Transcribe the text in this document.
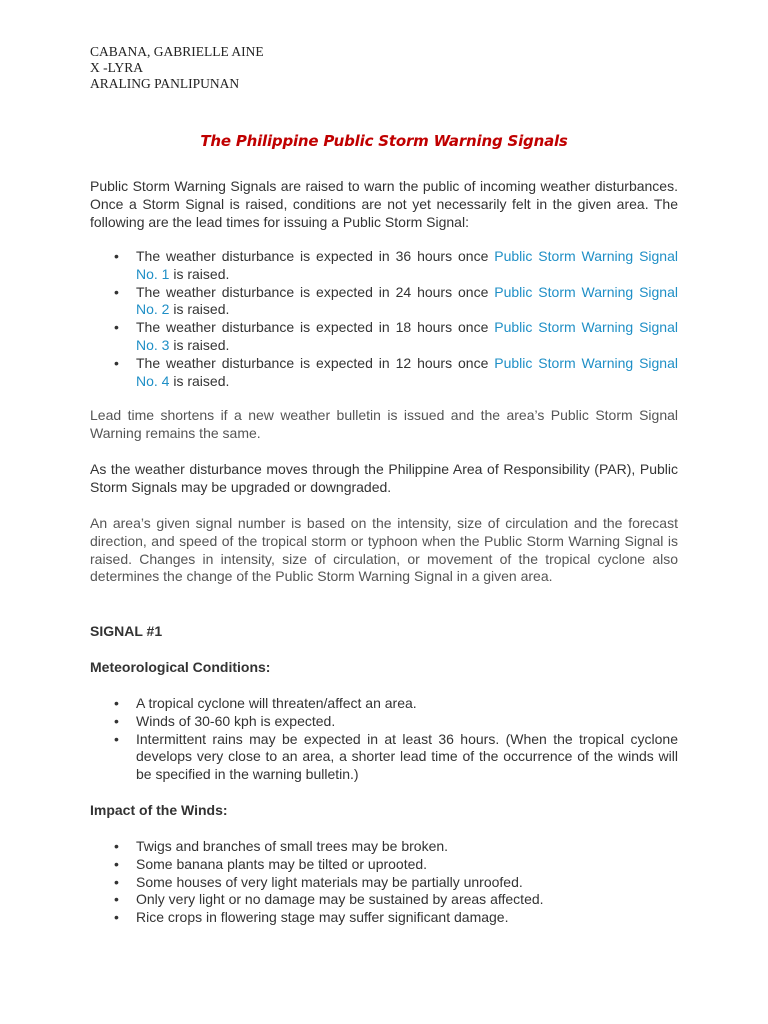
CABANA, GABRIELLE AINE
X -LYRA
ARALING PANLIPUNAN
The Philippine Public Storm Warning Signals

Public Storm Warning Signals are raised to warn the public of incoming weather disturbances. Once a Storm Signal is raised, conditions are not yet necessarily felt in the given area. The following are the lead times for issuing a Public Storm Signal:

• The weather disturbance is expected in 36 hours once Public Storm Warning Signal No. 1 is raised.
• The weather disturbance is expected in 24 hours once Public Storm Warning Signal No. 2 is raised.
• The weather disturbance is expected in 18 hours once Public Storm Warning Signal No. 3 is raised.
• The weather disturbance is expected in 12 hours once Public Storm Warning Signal No. 4 is raised.

Lead time shortens if a new weather bulletin is issued and the area’s Public Storm Signal Warning remains the same.

As the weather disturbance moves through the Philippine Area of Responsibility (PAR), Public Storm Signals may be upgraded or downgraded.

An area’s given signal number is based on the intensity, size of circulation and the forecast direction, and speed of the tropical storm or typhoon when the Public Storm Warning Signal is raised. Changes in intensity, size of circulation, or movement of the tropical cyclone also determines the change of the Public Storm Warning Signal in a given area.

SIGNAL #1
Meteorological Conditions:
• A tropical cyclone will threaten/affect an area.
• Winds of 30-60 kph is expected.
• Intermittent rains may be expected in at least 36 hours. (When the tropical cyclone develops very close to an area, a shorter lead time of the occurrence of the winds will be specified in the warning bulletin.)
Impact of the Winds:
• Twigs and branches of small trees may be broken.
• Some banana plants may be tilted or uprooted.
• Some houses of very light materials may be partially unroofed.
• Only very light or no damage may be sustained by areas affected.
• Rice crops in flowering stage may suffer significant damage.
